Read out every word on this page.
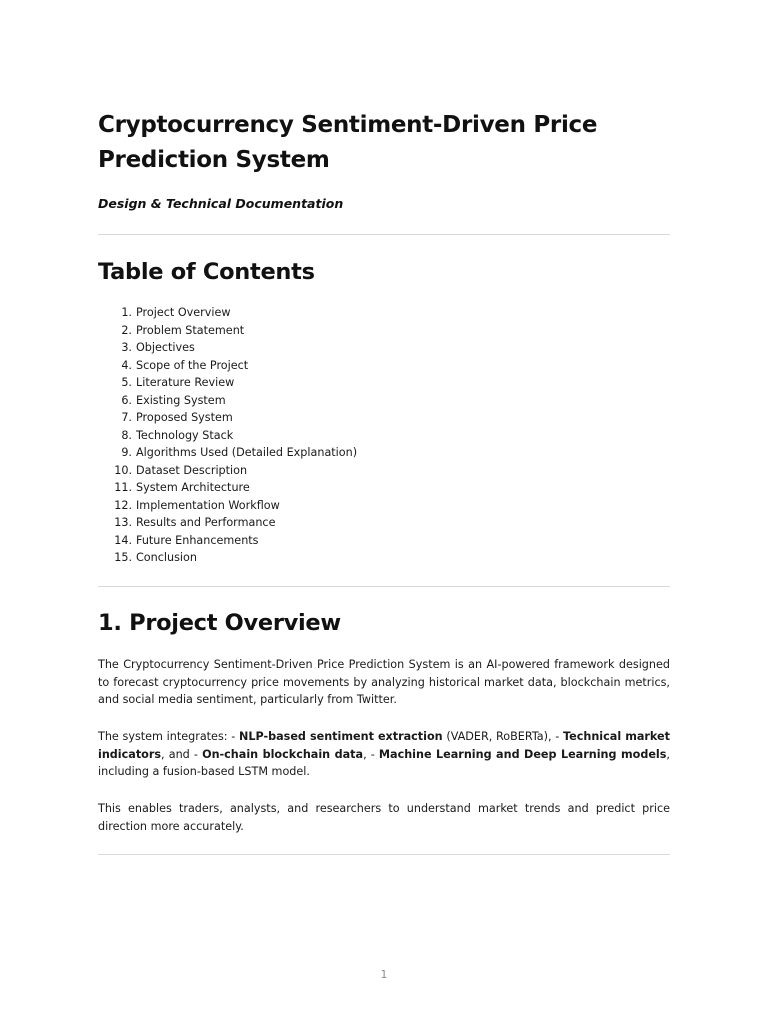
Cryptocurrency Sentiment-Driven Price Prediction System

Design & Technical Documentation

Table of Contents
1. Project Overview
2. Problem Statement
3. Objectives
4. Scope of the Project
5. Literature Review
6. Existing System
7. Proposed System
8. Technology Stack
9. Algorithms Used (Detailed Explanation)
10. Dataset Description
11. System Architecture
12. Implementation Workflow
13. Results and Performance
14. Future Enhancements
15. Conclusion
1. Project Overview

The Cryptocurrency Sentiment-Driven Price Prediction System is an AI-powered framework designed to forecast cryptocurrency price movements by analyzing historical market data, blockchain metrics, and social media sentiment, particularly from Twitter.

The system integrates: - NLP-based sentiment extraction (VADER, RoBERTa), - Technical market indicators, and - On-chain blockchain data, - Machine Learning and Deep Learning models, including a fusion-based LSTM model.

This enables traders, analysts, and researchers to understand market trends and predict price direction more accurately.

1
